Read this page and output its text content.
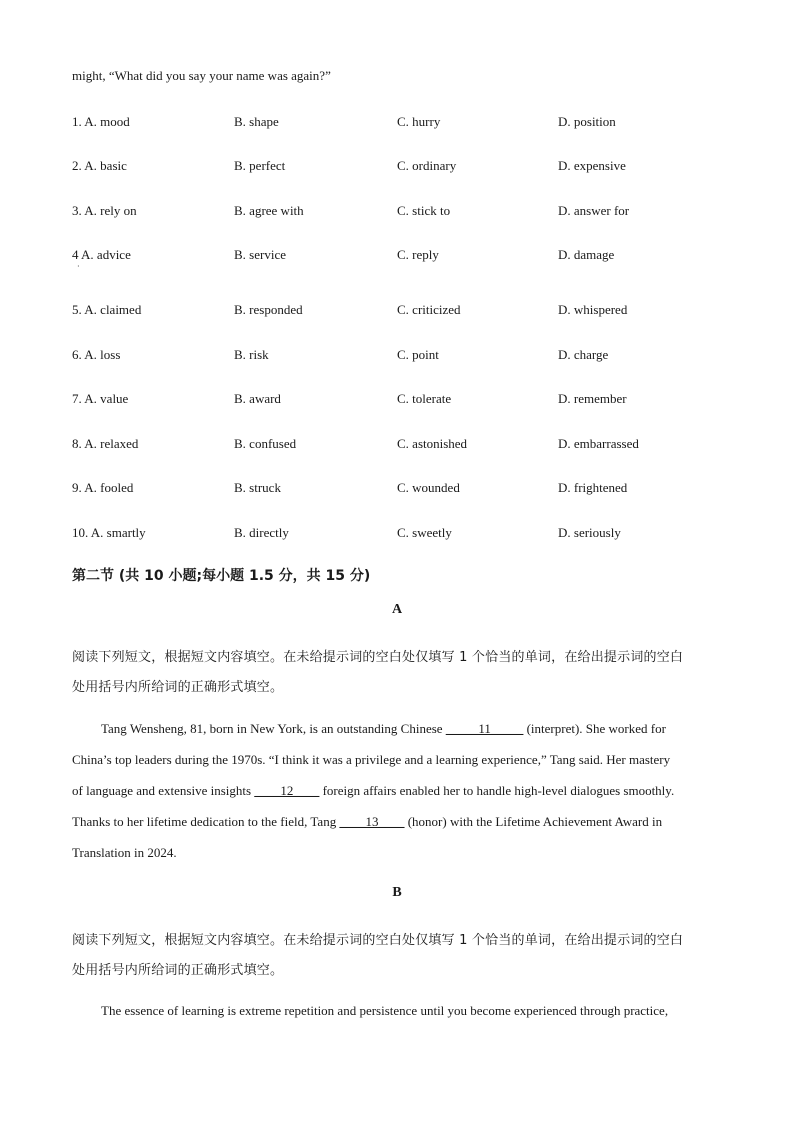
might, “What did you say your name was again?”
1. A. mood	B. shape	C. hurry	D. position
2. A. basic	B. perfect	C. ordinary	D. expensive
3. A. rely on	B. agree with	C. stick to	D. answer for
4 A. advice	B. service	C. reply	D. damage
5. A. claimed	B. responded	C. criticized	D. whispered
6. A. loss	B. risk	C. point	D. charge
7. A. value	B. award	C. tolerate	D. remember
8. A. relaxed	B. confused	C. astonished	D. embarrassed
9. A. fooled	B. struck	C. wounded	D. frightened
10. A. smartly	B. directly	C. sweetly	D. seriously
·
第二节 (共 10 小题;每小题 1.5 分，共 15 分)
A
阅读下列短文，根据短文内容填空。在未给提示词的空白处仅填写 1 个恰当的单词，在给出提示词的空白
处用括号内所给词的正确形式填空。
Tang Wensheng, 81, born in New York, is an outstanding Chinese _____11_____ (interpret). She worked for
China’s top leaders during the 1970s. “I think it was a privilege and a learning experience,” Tang said. Her mastery
of language and extensive insights ____12____ foreign affairs enabled her to handle high-level dialogues smoothly.
Thanks to her lifetime dedication to the field, Tang ____13____ (honor) with the Lifetime Achievement Award in
Translation in 2024.
B
阅读下列短文，根据短文内容填空。在未给提示词的空白处仅填写 1 个恰当的单词，在给出提示词的空白
处用括号内所给词的正确形式填空。
The essence of learning is extreme repetition and persistence until you become experienced through practice,
